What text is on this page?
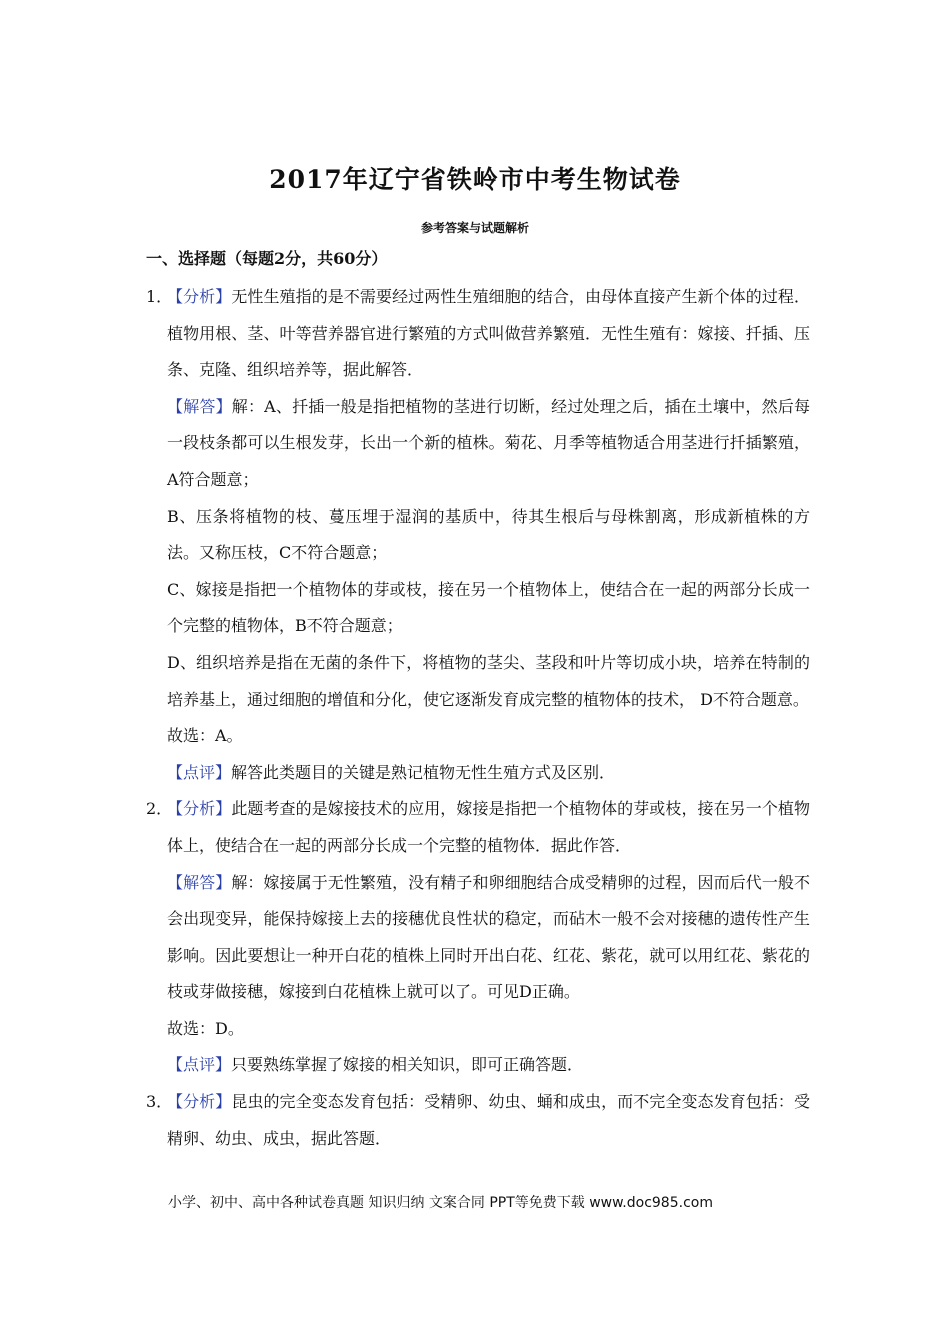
2017年辽宁省铁岭市中考生物试卷
参考答案与试题解析
一、选择题（每题2分，共60分）
1．

【分析】无性生殖指的是不需要经过两性生殖细胞的结合，由母体直接产生新个体的过程．植物用根、茎、叶等营养器官进行繁殖的方式叫做营养繁殖．无性生殖有：嫁接、扦插、压条、克隆、组织培养等，据此解答．

【解答】解：A、扦插一般是指把植物的茎进行切断，经过处理之后，插在土壤中，然后每一段枝条都可以生根发芽，长出一个新的植株。菊花、月季等植物适合用茎进行扦插繁殖，A符合题意；

B、压条将植物的枝、蔓压埋于湿润的基质中，待其生根后与母株割离，形成新植株的方法。又称压枝，C不符合题意；

C、嫁接是指把一个植物体的芽或枝，接在另一个植物体上，使结合在一起的两部分长成一个完整的植物体，B不符合题意；

D、组织培养是指在无菌的条件下，将植物的茎尖、茎段和叶片等切成小块，培养在特制的培养基上，通过细胞的增值和分化，使它逐渐发育成完整的植物体的技术， D不符合题意。

故选：A。

【点评】解答此类题目的关键是熟记植物无性生殖方式及区别．

2．

【分析】此题考查的是嫁接技术的应用，嫁接是指把一个植物体的芽或枝，接在另一个植物体上，使结合在一起的两部分长成一个完整的植物体．据此作答．

【解答】解：嫁接属于无性繁殖，没有精子和卵细胞结合成受精卵的过程，因而后代一般不会出现变异，能保持嫁接上去的接穗优良性状的稳定，而砧木一般不会对接穗的遗传性产生影响。因此要想让一种开白花的植株上同时开出白花、红花、紫花，就可以用红花、紫花的枝或芽做接穗，嫁接到白花植株上就可以了。可见D正确。

故选：D。

【点评】只要熟练掌握了嫁接的相关知识，即可正确答题．

3．

【分析】昆虫的完全变态发育包括：受精卵、幼虫、蛹和成虫，而不完全变态发育包括：受精卵、幼虫、成虫，据此答题．

小学、初中、高中各种试卷真题 知识归纳 文案合同 PPT等免费下载 www.doc985.com
